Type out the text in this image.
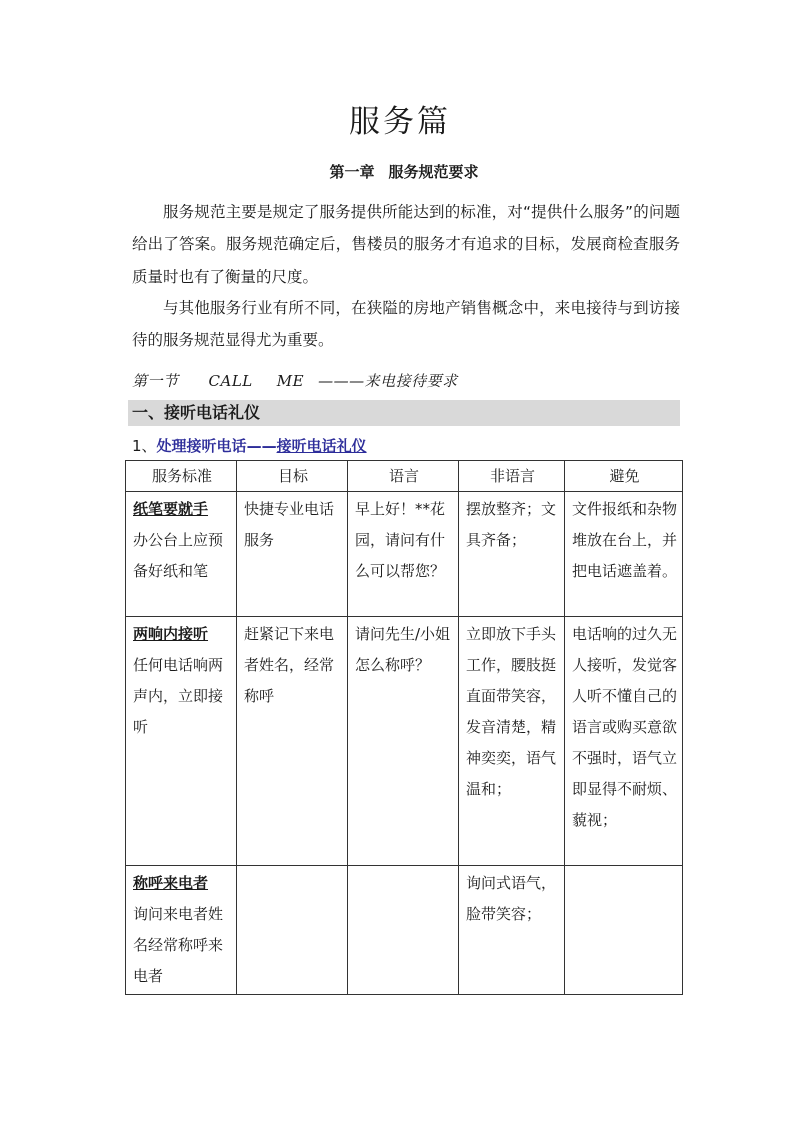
服务篇
第一章 服务规范要求

服务规范主要是规定了服务提供所能达到的标准，对“提供什么服务”的问题给出了答案。服务规范确定后，售楼员的服务才有追求的目标，发展商检查服务质量时也有了衡量的尺度。

与其他服务行业有所不同，在狭隘的房地产销售概念中，来电接待与到访接待的服务规范显得尤为重要。

第一节 CALL ME ———来电接待要求
一、接听电话礼仪
1、处理接听电话——接听电话礼仪
服务标准	目标	语言	非语言	避免

纸笔要就手
办公台上应预备好纸和笔	快捷专业电话服务	早上好！**花园，请问有什么可以帮您？	摆放整齐；文具齐备；	文件报纸和杂物堆放在台上，并把电话遮盖着。

两响内接听
任何电话响两声内，立即接听	赶紧记下来电者姓名，经常称呼	请问先生/小姐怎么称呼？	立即放下手头工作，腰肢挺直面带笑容，发音清楚，精神奕奕，语气温和；	电话响的过久无人接听，发觉客人听不懂自己的语言或购买意欲不强时，语气立即显得不耐烦、藐视；

称呼来电者
询问来电者姓名经常称呼来电者			询问式语气，脸带笑容；	
